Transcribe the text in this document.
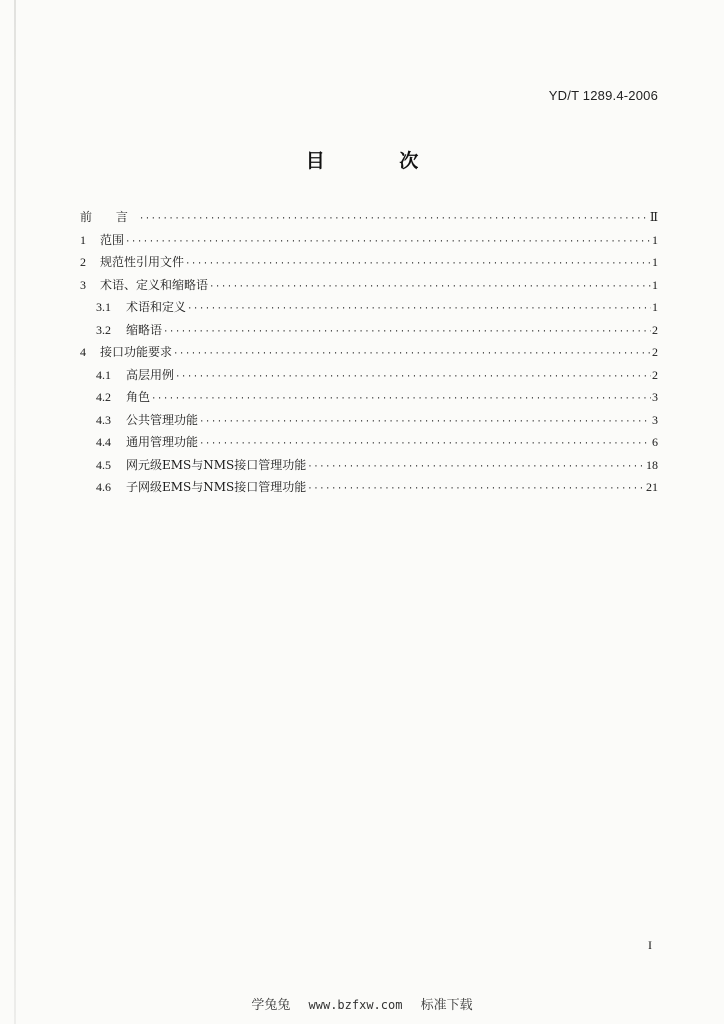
YD/T 1289.4-2006
目 次
前 言 ·····	Ⅱ
1	范围 ·····	1
2	规范性引用文件 ·····	1
3	术语、定义和缩略语 ·····	1
3.1	术语和定义 ·····	1
3.2	缩略语 ·····	2
4	接口功能要求 ·····	2
4.1	高层用例 ·····	2
4.2	角色 ·····	3
4.3	公共管理功能 ·····	3
4.4	通用管理功能 ·····	6
4.5	网元级EMS与NMS接口管理功能 ·····	18
4.6	子网级EMS与NMS接口管理功能 ·····	21
I
学兔兔 www.bzfxw.com 标准下载
